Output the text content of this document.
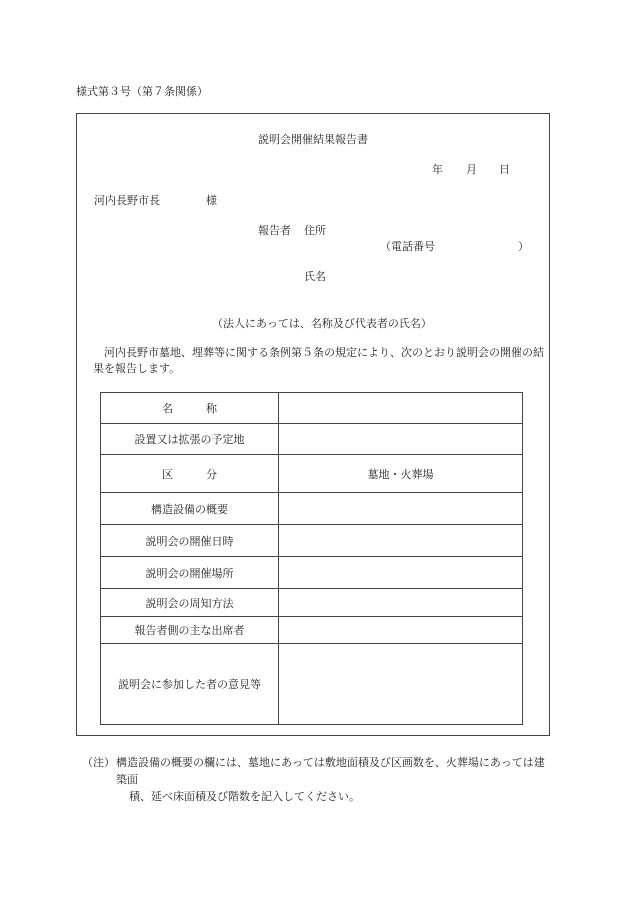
様式第３号（第７条関係）
説明会開催結果報告書
年 月 日
河内長野市長	様
報告者 住所
（電話番号	）
氏名
（法人にあっては、名称及び代表者の氏名）
河内長野市墓地、埋葬等に関する条例第５条の規定により、次のとおり説明会の開催の結果を報告します。
名　　　称	
設置又は拡張の予定地	
区　　　分	墓地・火葬場
構造設備の概要	
説明会の開催日時	
説明会の開催場所	
説明会の周知方法	
報告者側の主な出席者	
説明会に参加した者の意見等	
（注） 構造設備の概要の欄には、墓地にあっては敷地面積及び区画数を、火葬場にあっては建築面
積、延べ床面積及び階数を記入してください。
